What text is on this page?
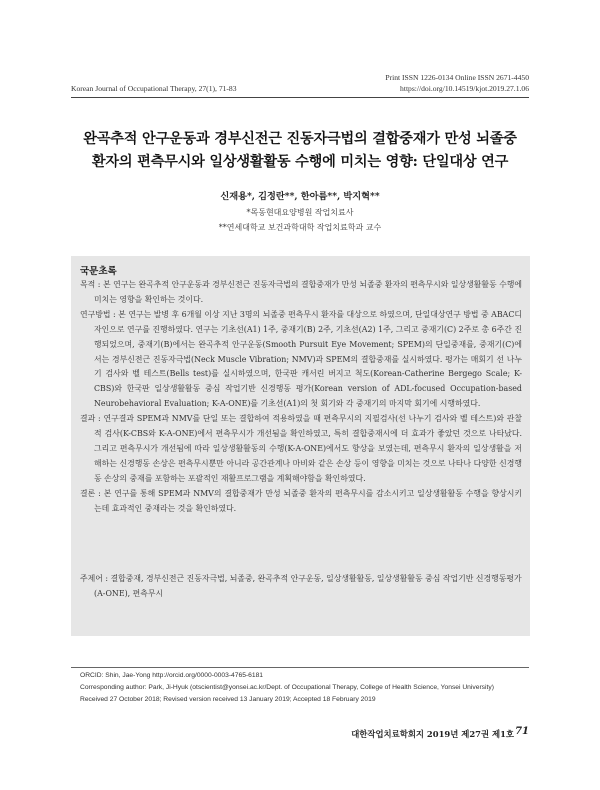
Print ISSN 1226-0134 Online ISSN 2671-4450
Korean Journal of Occupational Therapy, 27(1), 71-83	https://doi.org/10.14519/kjot.2019.27.1.06
완곡추적 안구운동과 경부신전근 진동자극법의 결합중재가 만성 뇌졸중
환자의 편측무시와 일상생활활동 수행에 미치는 영향: 단일대상 연구
신재용*, 김정란**, 한아름**, 박지혁**
*목동현대요양병원 작업치료사
**연세대학교 보건과학대학 작업치료학과 교수
국문초록

목적 : 본 연구는 완곡추적 안구운동과 경부신전근 진동자극법의 결합중재가 만성 뇌졸중 환자의 편측무시와 일상생활활동 수행에 미치는 영향을 확인하는 것이다.

연구방법 : 본 연구는 발병 후 6개월 이상 지난 3명의 뇌졸중 편측무시 환자를 대상으로 하였으며, 단일대상연구 방법 중 ABAC디자인으로 연구를 진행하였다. 연구는 기초선(A1) 1주, 중재기(B) 2주, 기초선(A2) 1주, 그리고 중재기(C) 2주로 총 6주간 진행되었으며, 중재기(B)에서는 완곡추적 안구운동(Smooth Pursuit Eye Movement; SPEM)의 단일중재를, 중재기(C)에서는 경부신전근 진동자극법(Neck Muscle Vibration; NMV)과 SPEM의 결합중재를 실시하였다. 평가는 매회기 선 나누기 검사와 벨 테스트(Bells test)를 실시하였으며, 한국판 캐서린 버지고 척도(Korean-Catherine Bergego Scale; K-CBS)와 한국판 일상생활활동 중심 작업기반 신경행동 평가(Korean version of ADL-focused Occupation-based Neurobehavioral Evaluation; K-A-ONE)를 기초선(A1)의 첫 회기와 각 중재기의 마지막 회기에 시행하였다.

결과 : 연구결과 SPEM과 NMV를 단일 또는 결합하여 적용하였을 때 편측무시의 지필검사(선 나누기 검사와 벨 테스트)와 관찰적 검사(K-CBS와 K-A-ONE)에서 편측무시가 개선됨을 확인하였고, 특히 결합중재시에 더 효과가 좋았던 것으로 나타났다. 그리고 편측무시가 개선됨에 따라 일상생활활동의 수행(K-A-ONE)에서도 향상을 보였는데, 편측무시 환자의 일상생활을 저해하는 신경행동 손상은 편측무시뿐만 아니라 공간관계나 마비와 같은 손상 등이 영향을 미치는 것으로 나타나 다양한 신경행동 손상의 중재를 포함하는 포괄적인 재활프로그램을 계획해야함을 확인하였다.

결론 : 본 연구를 통해 SPEM과 NMV의 결합중재가 만성 뇌졸중 환자의 편측무시를 감소시키고 일상생활활동 수행을 향상시키는데 효과적인 중재라는 것을 확인하였다.

주제어 : 결합중재, 경부신전근 진동자극법, 뇌졸중, 완곡추적 안구운동, 일상생활활동, 일상생활활동 중심 작업기반 신경행동평가(A-ONE), 편측무시
ORCID: Shin, Jae-Yong http://orcid.org/0000-0003-4765-6181
Corresponding author: Park, Ji-Hyuk (otscientist@yonsei.ac.kr/Dept. of Occupational Therapy, College of Health Science, Yonsei University)
Received 27 October 2018; Revised version received 13 January 2019; Accepted 18 February 2019
대한작업치료학회지 2019년 제27권 제1호 71
